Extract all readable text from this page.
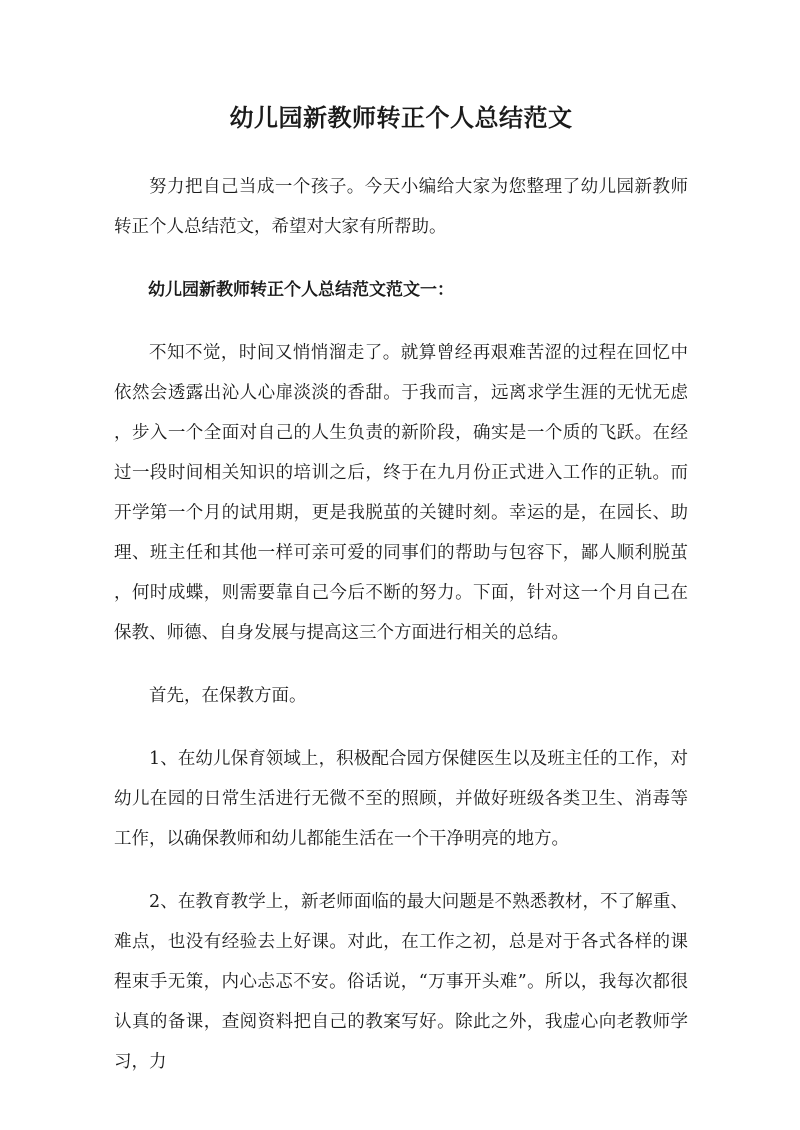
幼儿园新教师转正个人总结范文

努力把自己当成一个孩子。今天小编给大家为您整理了幼儿园新教师转正个人总结范文，希望对大家有所帮助。

幼儿园新教师转正个人总结范文范文一：

不知不觉，时间又悄悄溜走了。就算曾经再艰难苦涩的过程在回忆中依然会透露出沁人心扉淡淡的香甜。于我而言，远离求学生涯的无忧无虑，步入一个全面对自己的人生负责的新阶段，确实是一个质的飞跃。在经过一段时间相关知识的培训之后，终于在九月份正式进入工作的正轨。而开学第一个月的试用期，更是我脱茧的关键时刻。幸运的是，在园长、助理、班主任和其他一样可亲可爱的同事们的帮助与包容下，鄙人顺利脱茧，何时成蝶，则需要靠自己今后不断的努力。下面，针对这一个月自己在保教、师德、自身发展与提高这三个方面进行相关的总结。

首先，在保教方面。

1、在幼儿保育领域上，积极配合园方保健医生以及班主任的工作，对幼儿在园的日常生活进行无微不至的照顾，并做好班级各类卫生、消毒等工作，以确保教师和幼儿都能生活在一个干净明亮的地方。

2、在教育教学上，新老师面临的最大问题是不熟悉教材，不了解重、难点，也没有经验去上好课。对此，在工作之初，总是对于各式各样的课程束手无策，内心忐忑不安。俗话说，“万事开头难”。所以，我每次都很认真的备课，查阅资料把自己的教案写好。除此之外，我虚心向老教师学习，力
